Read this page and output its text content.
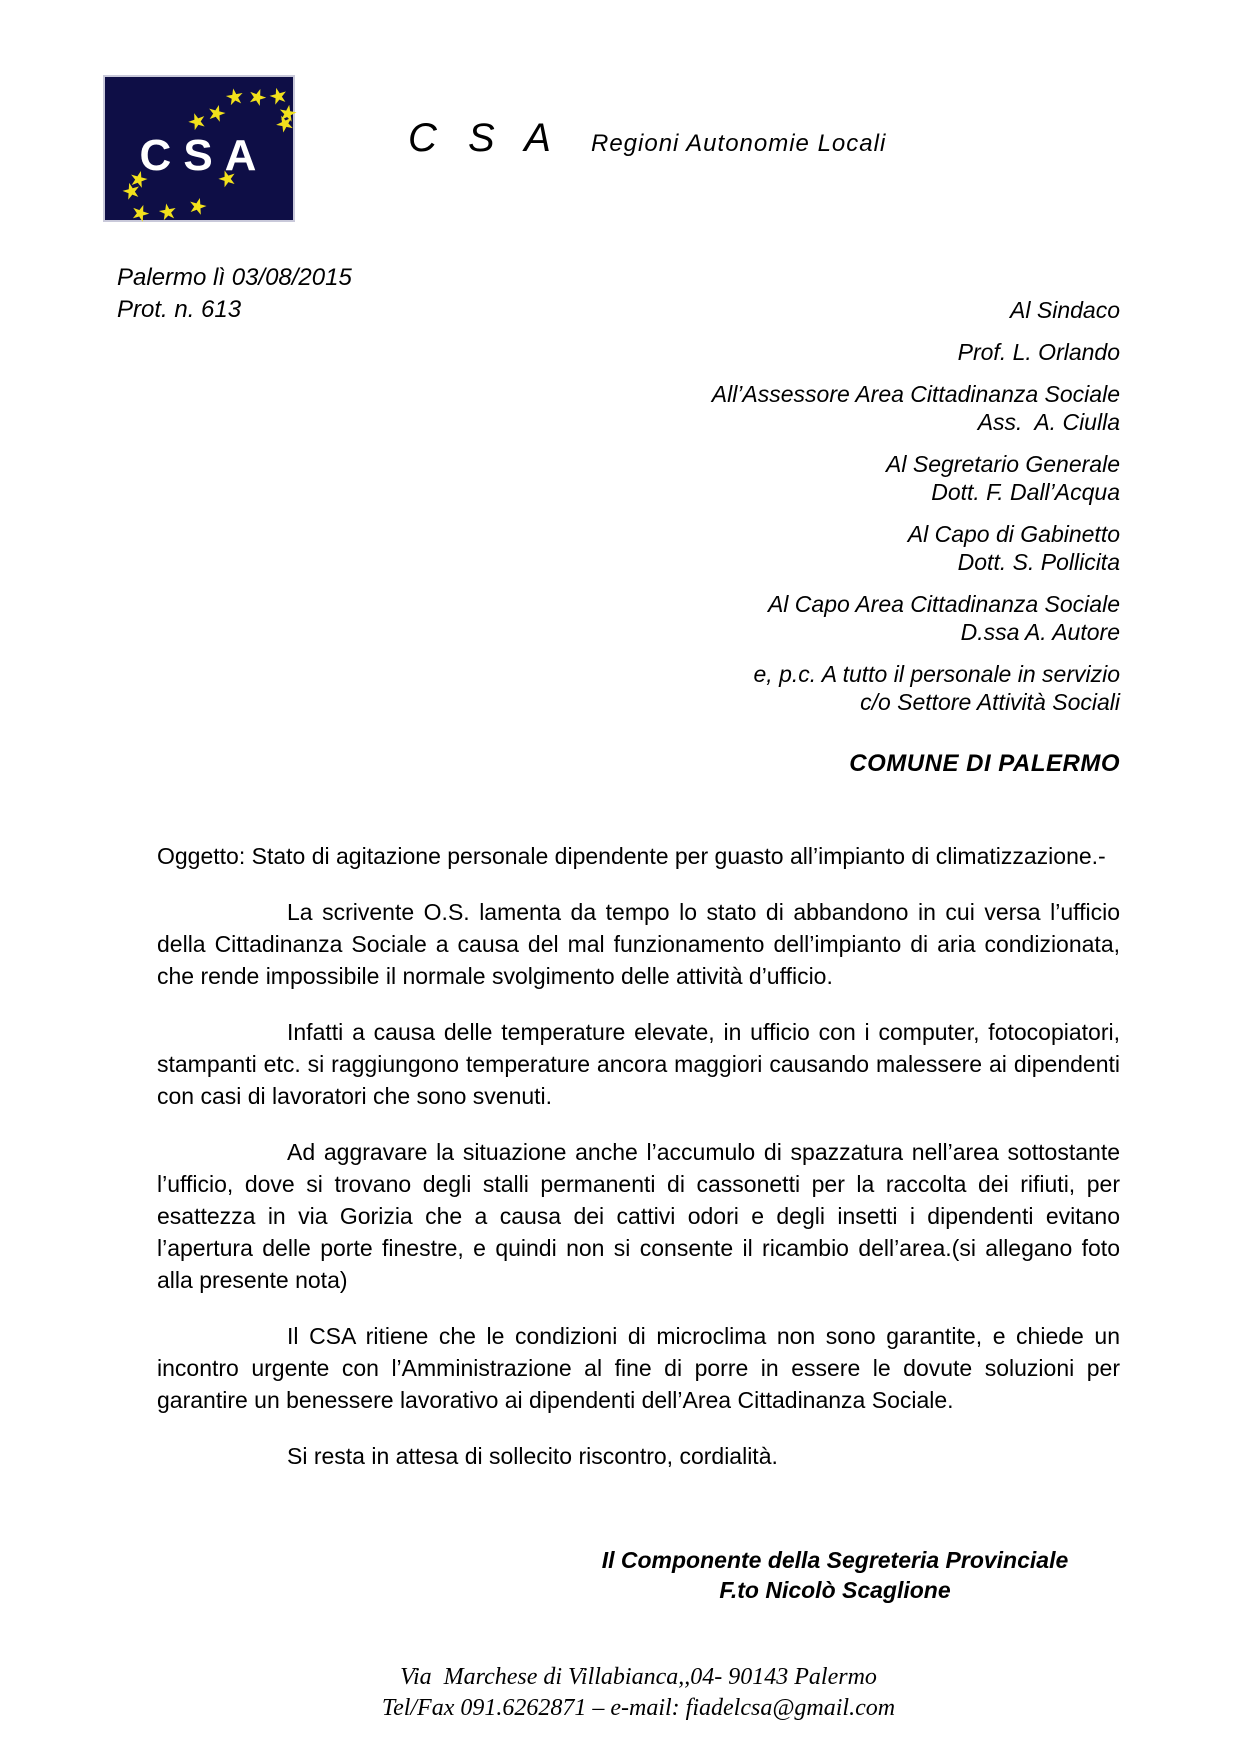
CSA	C S A Regioni Autonomie Locali
Palermo lì 03/08/2015
Prot. n. 613	Al Sindaco
Prof. L. Orlando
All’Assessore Area Cittadinanza Sociale
Ass.  A. Ciulla
Al Segretario Generale
Dott. F. Dall’Acqua
Al Capo di Gabinetto
Dott. S. Pollicita
Al Capo Area Cittadinanza Sociale
D.ssa A. Autore
e, p.c. A tutto il personale in servizio
c/o Settore Attività Sociali
COMUNE DI PALERMO

Oggetto: Stato di agitazione personale dipendente per guasto all’impianto di climatizzazione.-

La scrivente O.S. lamenta da tempo lo stato di abbandono in cui versa l’ufficio della Cittadinanza Sociale a causa del mal funzionamento dell’impianto di aria condizionata, che rende impossibile il normale svolgimento delle attività d’ufficio.

Infatti a causa delle temperature elevate, in ufficio con i computer, fotocopiatori, stampanti etc. si raggiungono temperature ancora maggiori causando malessere ai dipendenti con casi di lavoratori che sono svenuti.

Ad aggravare la situazione anche l’accumulo di spazzatura nell’area sottostante l’ufficio, dove si trovano degli stalli permanenti di cassonetti per la raccolta dei rifiuti, per esattezza in via Gorizia che a causa dei cattivi odori e degli insetti i dipendenti evitano l’apertura delle porte finestre, e quindi non si consente il ricambio dell’area.(si allegano foto alla presente nota)

Il CSA ritiene che le condizioni di microclima non sono garantite, e chiede un incontro urgente con l’Amministrazione al fine di porre in essere le dovute soluzioni per garantire un benessere lavorativo ai dipendenti dell’Area Cittadinanza Sociale.

Si resta in attesa di sollecito riscontro, cordialità.

Il Componente della Segreteria Provinciale
F.to Nicolò Scaglione
Via  Marchese di Villabianca,,04- 90143 Palermo
Tel/Fax 091.6262871 – e-mail: fiadelcsa@gmail.com
